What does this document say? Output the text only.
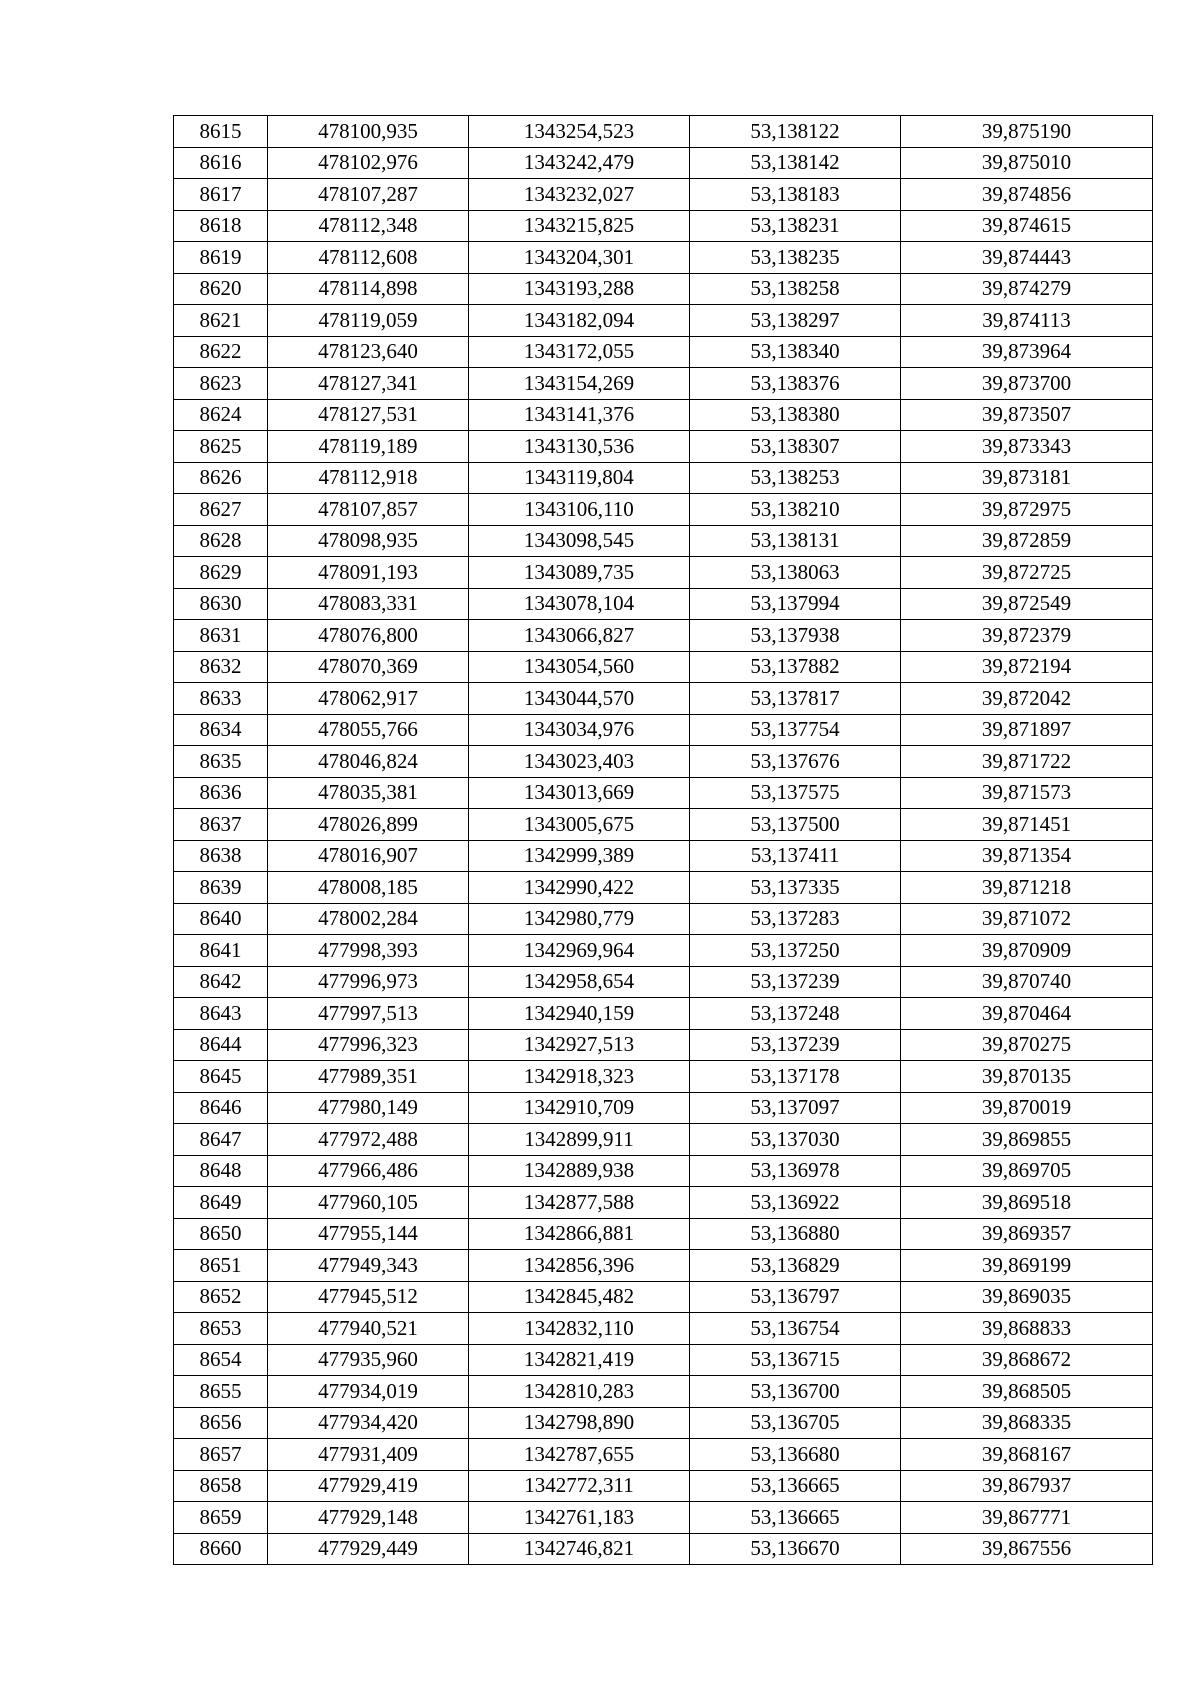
8615	478100,935	1343254,523	53,138122	39,875190
8616	478102,976	1343242,479	53,138142	39,875010
8617	478107,287	1343232,027	53,138183	39,874856
8618	478112,348	1343215,825	53,138231	39,874615
8619	478112,608	1343204,301	53,138235	39,874443
8620	478114,898	1343193,288	53,138258	39,874279
8621	478119,059	1343182,094	53,138297	39,874113
8622	478123,640	1343172,055	53,138340	39,873964
8623	478127,341	1343154,269	53,138376	39,873700
8624	478127,531	1343141,376	53,138380	39,873507
8625	478119,189	1343130,536	53,138307	39,873343
8626	478112,918	1343119,804	53,138253	39,873181
8627	478107,857	1343106,110	53,138210	39,872975
8628	478098,935	1343098,545	53,138131	39,872859
8629	478091,193	1343089,735	53,138063	39,872725
8630	478083,331	1343078,104	53,137994	39,872549
8631	478076,800	1343066,827	53,137938	39,872379
8632	478070,369	1343054,560	53,137882	39,872194
8633	478062,917	1343044,570	53,137817	39,872042
8634	478055,766	1343034,976	53,137754	39,871897
8635	478046,824	1343023,403	53,137676	39,871722
8636	478035,381	1343013,669	53,137575	39,871573
8637	478026,899	1343005,675	53,137500	39,871451
8638	478016,907	1342999,389	53,137411	39,871354
8639	478008,185	1342990,422	53,137335	39,871218
8640	478002,284	1342980,779	53,137283	39,871072
8641	477998,393	1342969,964	53,137250	39,870909
8642	477996,973	1342958,654	53,137239	39,870740
8643	477997,513	1342940,159	53,137248	39,870464
8644	477996,323	1342927,513	53,137239	39,870275
8645	477989,351	1342918,323	53,137178	39,870135
8646	477980,149	1342910,709	53,137097	39,870019
8647	477972,488	1342899,911	53,137030	39,869855
8648	477966,486	1342889,938	53,136978	39,869705
8649	477960,105	1342877,588	53,136922	39,869518
8650	477955,144	1342866,881	53,136880	39,869357
8651	477949,343	1342856,396	53,136829	39,869199
8652	477945,512	1342845,482	53,136797	39,869035
8653	477940,521	1342832,110	53,136754	39,868833
8654	477935,960	1342821,419	53,136715	39,868672
8655	477934,019	1342810,283	53,136700	39,868505
8656	477934,420	1342798,890	53,136705	39,868335
8657	477931,409	1342787,655	53,136680	39,868167
8658	477929,419	1342772,311	53,136665	39,867937
8659	477929,148	1342761,183	53,136665	39,867771
8660	477929,449	1342746,821	53,136670	39,867556
